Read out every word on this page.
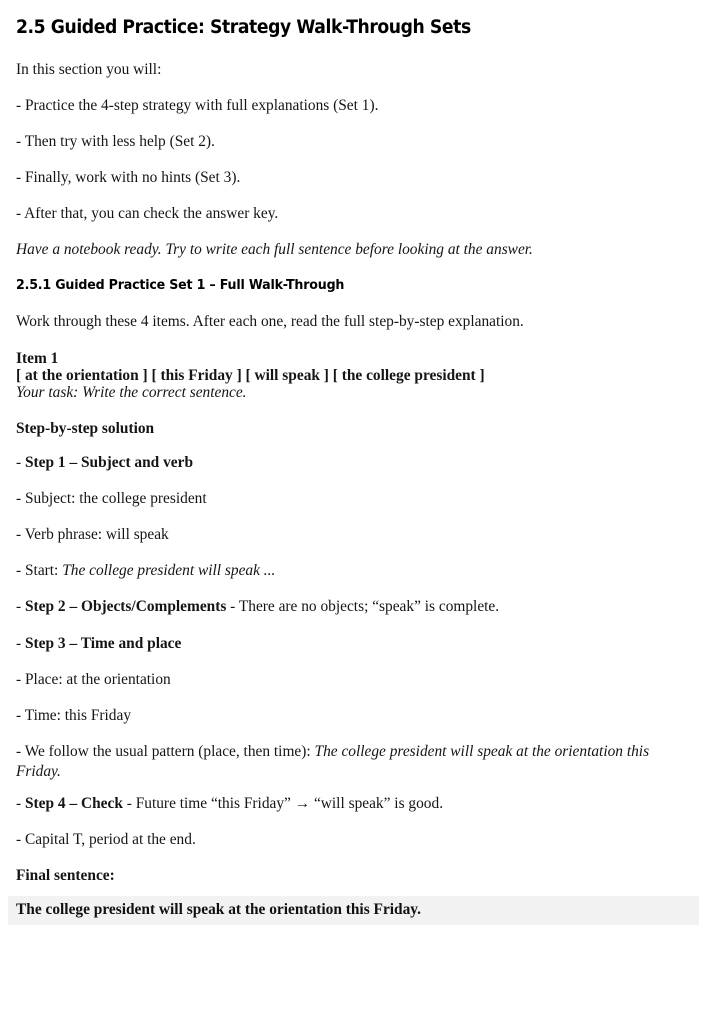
2.5 Guided Practice: Strategy Walk-Through Sets

In this section you will:

- Practice the 4-step strategy with full explanations (Set 1).

- Then try with less help (Set 2).

- Finally, work with no hints (Set 3).

- After that, you can check the answer key.

Have a notebook ready. Try to write each full sentence before looking at the answer.

2.5.1 Guided Practice Set 1 – Full Walk-Through

Work through these 4 items. After each one, read the full step-by-step explanation.

Item 1

[ at the orientation ] [ this Friday ] [ will speak ] [ the college president ]

Your task: Write the correct sentence.

Step-by-step solution

- Step 1 – Subject and verb

- Subject: the college president

- Verb phrase: will speak

- Start: The college president will speak ...

- Step 2 – Objects/Complements - There are no objects; “speak” is complete.

- Step 3 – Time and place

- Place: at the orientation

- Time: this Friday

- We follow the usual pattern (place, then time): The college president will speak at the orientation this Friday.

- Step 4 – Check - Future time “this Friday” → “will speak” is good.

- Capital T, period at the end.

Final sentence:

The college president will speak at the orientation this Friday.
